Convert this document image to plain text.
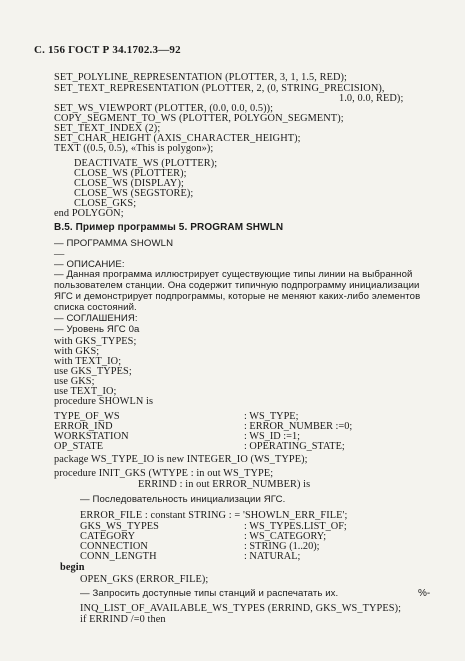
С. 156 ГОСТ Р 34.1702.3—92
SET_POLYLINE_REPRESENTATION (PLOTTER, 3, 1, 1.5, RED);
SET_TEXT_REPRESENTATION (PLOTTER, 2, (0, STRING_PRECISION),
1.0, 0.0, RED);
SET_WS_VIEWPORT (PLOTTER, (0.0, 0.0, 0.5));
COPY_SEGMENT_TO_WS (PLOTTER, POLYGON_SEGMENT);
SET_TEXT_INDEX (2);
SET_CHAR_HEIGHT (AXIS_CHARACTER_HEIGHT);
TEXT ((0.5, 0.5), «This is polygon»);
DEACTIVATE_WS (PLOTTER);
CLOSE_WS (PLOTTER);
CLOSE_WS (DISPLAY);
CLOSE_WS (SEGSTORE);
CLOSE_GKS;
end POLYGON;
В.5. Пример программы 5. PROGRAM SHWLN
— ПРОГРАММА SHOWLN
—
— ОПИСАНИЕ:
— Данная программа иллюстрирует существующие типы линии на выбранной
пользователем станции. Она содержит типичную подпрограмму инициализации
ЯГС и демонстрирует подпрограммы, которые не меняют каких-либо элементов
списка состояний.
— СОГЛАШЕНИЯ:
— Уровень ЯГС 0а
with GKS_TYPES;
with GKS;
with TEXT_IO;
use GKS_TYPES;
use GKS;
use TEXT_IO;
procedure SHOWLN is
TYPE_OF_WS	: WS_TYPE;
ERROR_IND	: ERROR_NUMBER :=0;
WORKSTATION	: WS_ID :=1;
OP_STATE	: OPERATING_STATE;
package WS_TYPE_IO is new INTEGER_IO (WS_TYPE);
procedure INIT_GKS (WTYPE : in out WS_TYPE;
ERRIND : in out ERROR_NUMBER) is
— Последовательность инициализации ЯГС.
ERROR_FILE : constant STRING : = 'SHOWLN_ERR_FILE';
GKS_WS_TYPES	: WS_TYPES.LIST_OF;
CATEGORY	: WS_CATEGORY;
CONNECTION	: STRING (1..20);
CONN_LENGTH	: NATURAL;
begin
OPEN_GKS (ERROR_FILE);
— Запросить доступные типы станций и распечатать их.
INQ_LIST_OF_AVAILABLE_WS_TYPES (ERRIND, GKS_WS_TYPES);
if ERRIND /=0 then
%-
